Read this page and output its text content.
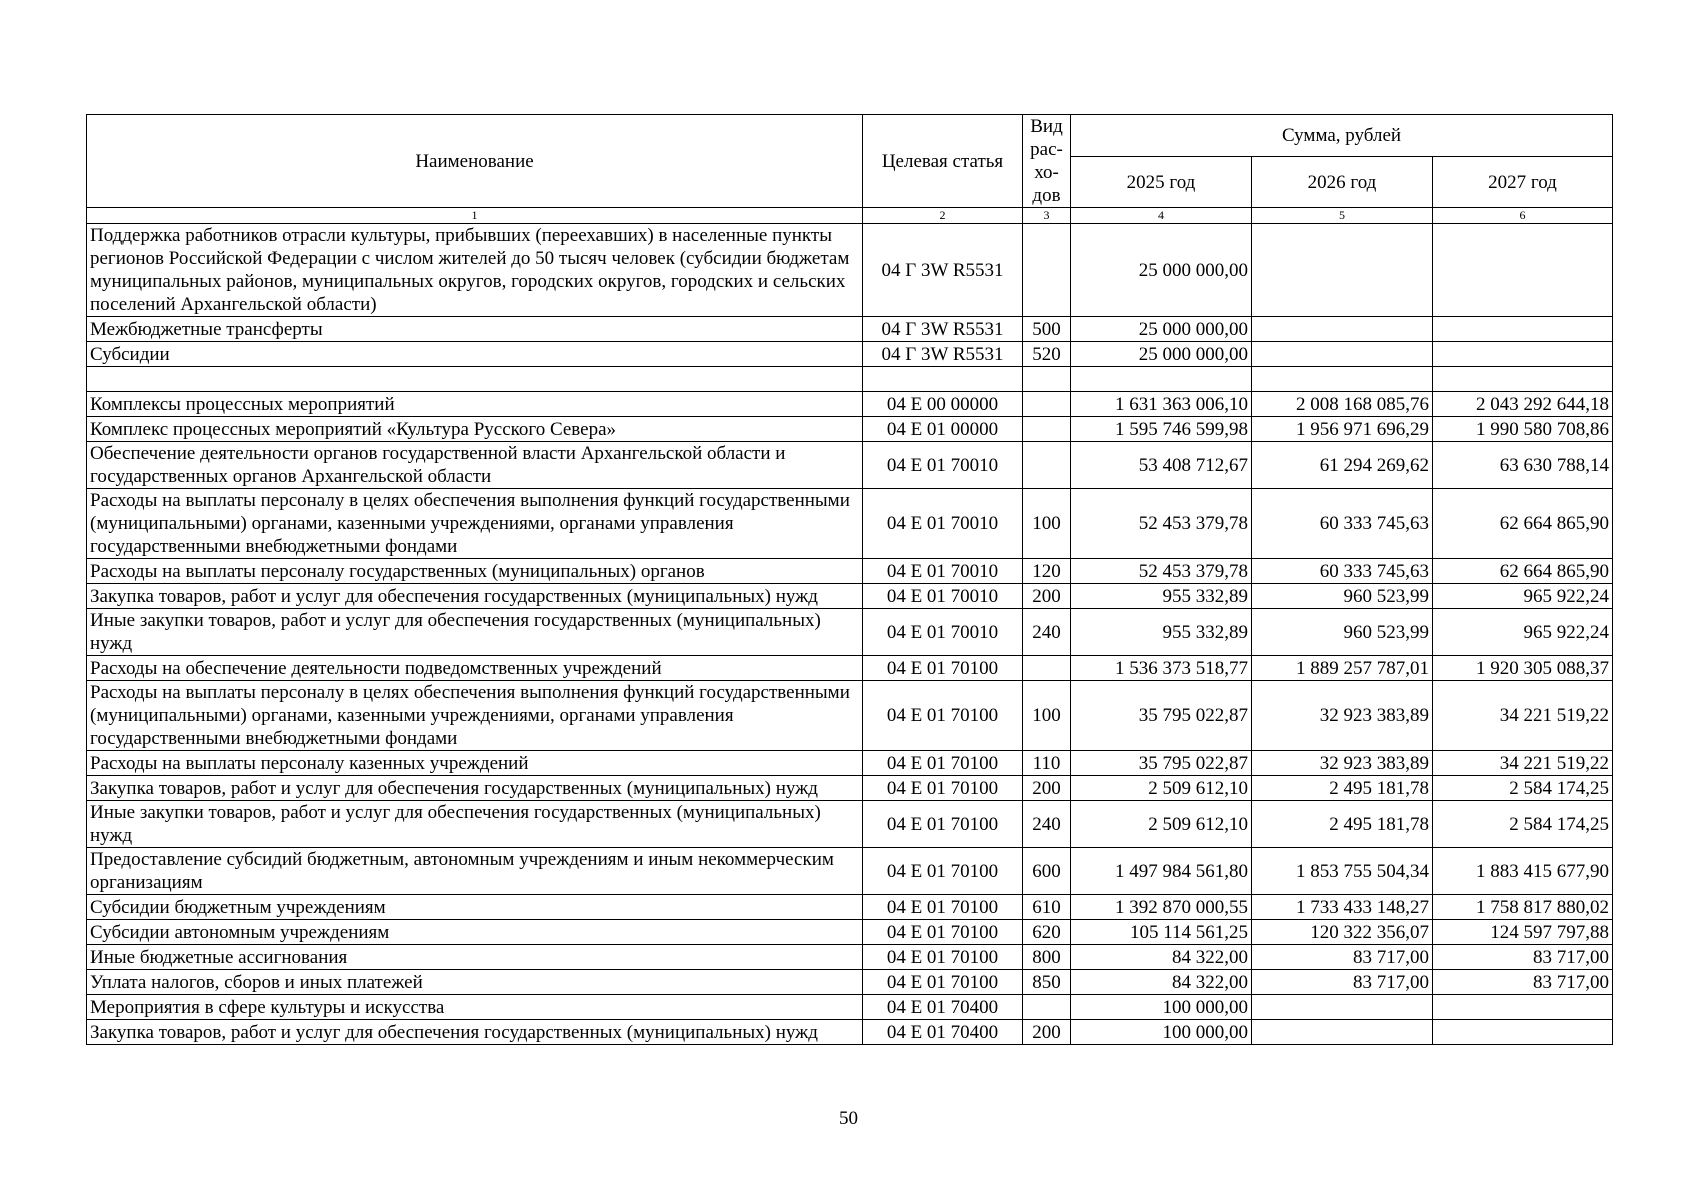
Наименование	Целевая статья	Вид рас-хо-дов	Сумма, рублей		
			2025 год	2026 год	2027 год
1	2	3	4	5	6
Поддержка работников отрасли культуры, прибывших (переехавших) в населенные пункты регионов Российской Федерации с числом жителей до 50 тысяч человек (субсидии бюджетам муниципальных районов, муниципальных округов, городских округов, городских и сельских поселений Архангельской области)	04 Г 3W R5531		25 000 000,00		
Межбюджетные трансферты	04 Г 3W R5531	500	25 000 000,00		
Субсидии	04 Г 3W R5531	520	25 000 000,00		

Комплексы процессных мероприятий	04 Е 00 00000		1 631 363 006,10	2 008 168 085,76	2 043 292 644,18
Комплекс процессных мероприятий «Культура Русского Севера»	04 Е 01 00000		1 595 746 599,98	1 956 971 696,29	1 990 580 708,86
Обеспечение деятельности органов государственной власти Архангельской области и государственных органов Архангельской области	04 Е 01 70010		53 408 712,67	61 294 269,62	63 630 788,14
Расходы на выплаты персоналу в целях обеспечения выполнения функций государственными (муниципальными) органами, казенными учреждениями, органами управления государственными внебюджетными фондами	04 Е 01 70010	100	52 453 379,78	60 333 745,63	62 664 865,90
Расходы на выплаты персоналу государственных (муниципальных) органов	04 Е 01 70010	120	52 453 379,78	60 333 745,63	62 664 865,90
Закупка товаров, работ и услуг для обеспечения государственных (муниципальных) нужд	04 Е 01 70010	200	955 332,89	960 523,99	965 922,24
Иные закупки товаров, работ и услуг для обеспечения государственных (муниципальных) нужд	04 Е 01 70010	240	955 332,89	960 523,99	965 922,24
Расходы на обеспечение деятельности подведомственных учреждений	04 Е 01 70100		1 536 373 518,77	1 889 257 787,01	1 920 305 088,37
Расходы на выплаты персоналу в целях обеспечения выполнения функций государственными (муниципальными) органами, казенными учреждениями, органами управления государственными внебюджетными фондами	04 Е 01 70100	100	35 795 022,87	32 923 383,89	34 221 519,22
Расходы на выплаты персоналу казенных учреждений	04 Е 01 70100	110	35 795 022,87	32 923 383,89	34 221 519,22
Закупка товаров, работ и услуг для обеспечения государственных (муниципальных) нужд	04 Е 01 70100	200	2 509 612,10	2 495 181,78	2 584 174,25
Иные закупки товаров, работ и услуг для обеспечения государственных (муниципальных) нужд	04 Е 01 70100	240	2 509 612,10	2 495 181,78	2 584 174,25
Предоставление субсидий бюджетным, автономным учреждениям и иным некоммерческим организациям	04 Е 01 70100	600	1 497 984 561,80	1 853 755 504,34	1 883 415 677,90
Субсидии бюджетным учреждениям	04 Е 01 70100	610	1 392 870 000,55	1 733 433 148,27	1 758 817 880,02
Субсидии автономным учреждениям	04 Е 01 70100	620	105 114 561,25	120 322 356,07	124 597 797,88
Иные бюджетные ассигнования	04 Е 01 70100	800	84 322,00	83 717,00	83 717,00
Уплата налогов, сборов и иных платежей	04 Е 01 70100	850	84 322,00	83 717,00	83 717,00
Мероприятия в сфере культуры и искусства	04 Е 01 70400		100 000,00		
Закупка товаров, работ и услуг для обеспечения государственных (муниципальных) нужд	04 Е 01 70400	200	100 000,00		
50
